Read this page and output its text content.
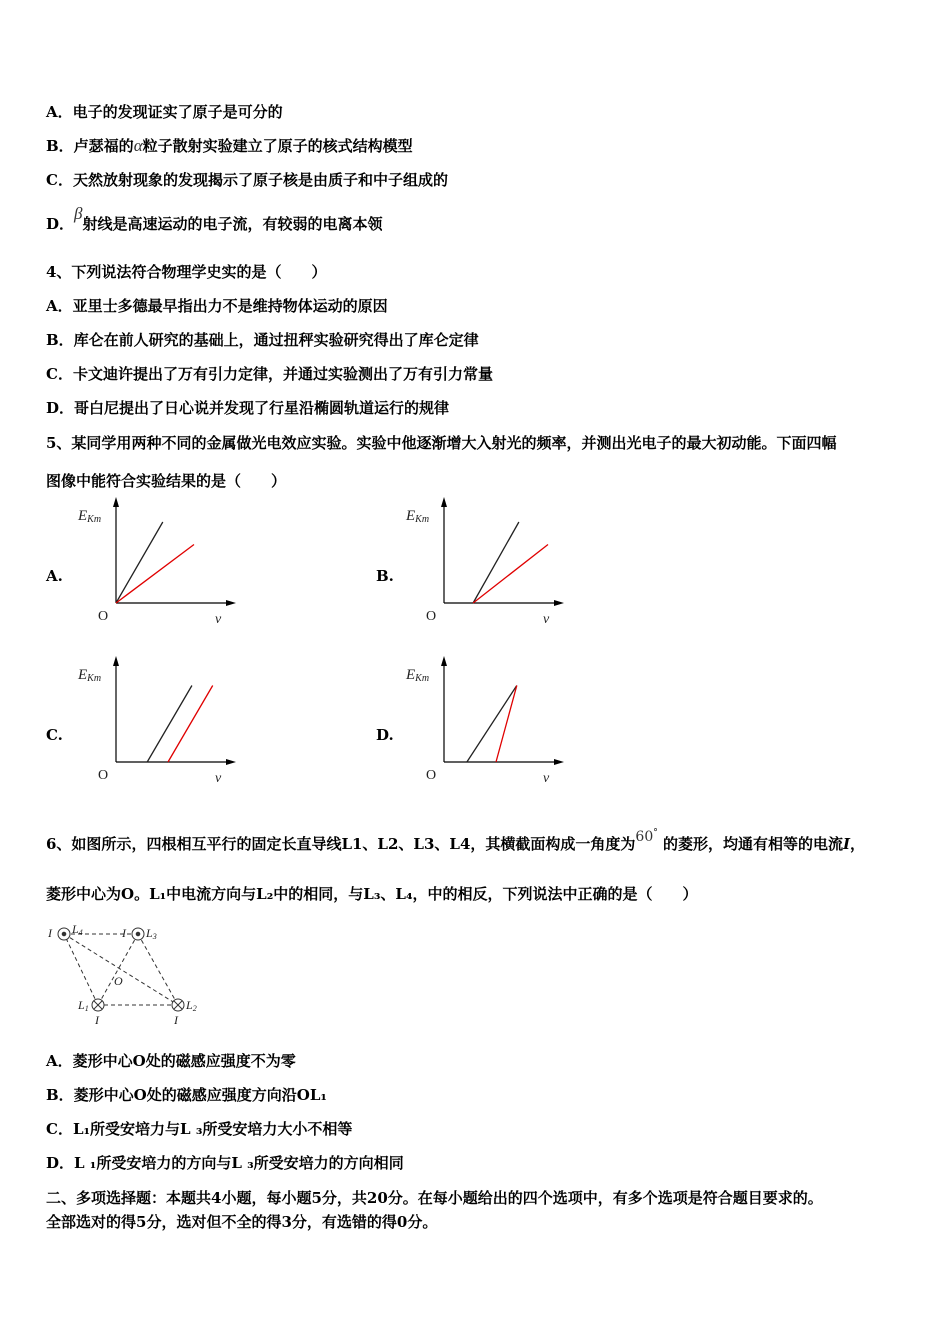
A．电子的发现证实了原子是可分的
B．卢瑟福的α粒子散射实验建立了原子的核式结构模型
C．天然放射现象的发现揭示了原子核是由质子和中子组成的
D．β射线是高速运动的电子流，有较弱的电离本领
4、下列说法符合物理学史实的是（　　）
A．亚里士多德最早指出力不是维持物体运动的原因
B．库仑在前人研究的基础上，通过扭秤实验研究得出了库仑定律
C．卡文迪许提出了万有引力定律，并通过实验测出了万有引力常量
D．哥白尼提出了日心说并发现了行星沿椭圆轨道运行的规律
5、某同学用两种不同的金属做光电效应实验。实验中他逐渐增大入射光的频率，并测出光电子的最大初动能。下面四幅
图像中能符合实验结果的是（　　）
A.	B.
C.	D.
EKm
O	ν
EKm
O	ν
EKm
O	ν
EKm
O	ν
6、如图所示，四根相互平行的固定长直导线L1、L2、L3、L4，其横截面构成一角度为60° 的菱形，均通有相等的电流I，
菱形中心为O。L₁中电流方向与L₂中的相同，与L₃、L₄，中的相反，下列说法中正确的是（　　）
I L4	I L3
O
L1
I
L2
I
A．菱形中心O处的磁感应强度不为零
B．菱形中心O处的磁感应强度方向沿OL₁
C．L₁所受安培力与L ₃所受安培力大小不相等
D．L ₁所受安培力的方向与L ₃所受安培力的方向相同
二、多项选择题：本题共4小题，每小题5分，共20分。在每小题给出的四个选项中，有多个选项是符合题目要求的。
全部选对的得5分，选对但不全的得3分，有选错的得0分。
